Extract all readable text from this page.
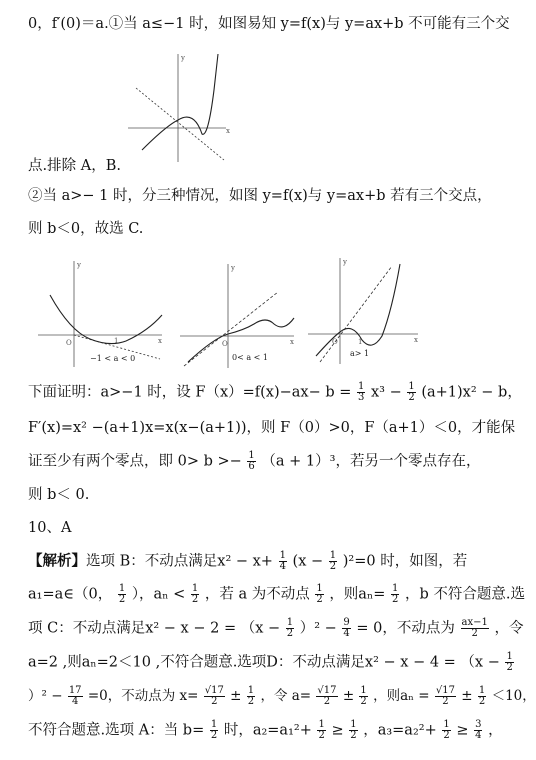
0，f′(0)＝a.①当 a≤−1 时，如图易知 y=f(x)与 y=ax+b 不可能有三个交
x
y
点.排除 A，B.
②当 a>− 1 时，分三种情况，如图 y=f(x)与 y=ax+b 若有三个交点，
则 b＜0，故选 C.
x
y
O	1
−1 < a < 0
x
y
O
0< a < 1
x
y
O	1
a> 1
下面证明：a>−1 时，设 $F(x)=f(x)-ax- b = \frac{1}{3} x^3 - \frac{1}{2} (a+1)x^2 - b$，
F′(x)=x² −(a+1)x=x(x−(a+1))，则 F（0）>0，F（a+1）＜0，才能保
证至少有两个零点，即 $0> b >- \frac{1}{6} (a + 1)^3$，若另一个零点存在，
则 b＜ 0.
10、A
【解析】选项 B：不动点满足$x^2 - x+ \frac{1}{4} (x - \frac{1}{2} )^2=0$ 时，如图，若
a₁=a∈（0， $\frac{1}{2}$ ），$a_n < \frac{1}{2}$ ，若 a 为不动点 $\frac{1}{2}$ ，则$a_n= \frac{1}{2}$ ，b 不符合题意.选
项 C：不动点满足$x^2 - x - 2 = (x - \frac{1}{2} )^2 - \frac{9}{4} = 0$，不动点为 $\frac{ax-1}{2}$ ，令
a=2 ,则aₙ=2＜10 ,不符合题意.选项D：不动点满足$x^2 - x - 4 = (x - \frac{1}{2}$
）$^2 - \frac{17}{4} =0$，不动点为 $x= \frac{√17}{2} \pm \frac{1}{2}$ ，令 $a= \frac{√17}{2} \pm \frac{1}{2}$ ，则$a_n = \frac{√17}{2} \pm \frac{1}{2} <10$，
不符合题意.选项 A：当 $b= \frac{1}{2}$ 时，$a_2=a_1^2+ \frac{1}{2} \ge \frac{1}{2}$ ，$a_3=a_2^2+ \frac{1}{2} \ge \frac{3}{4}$ ，
